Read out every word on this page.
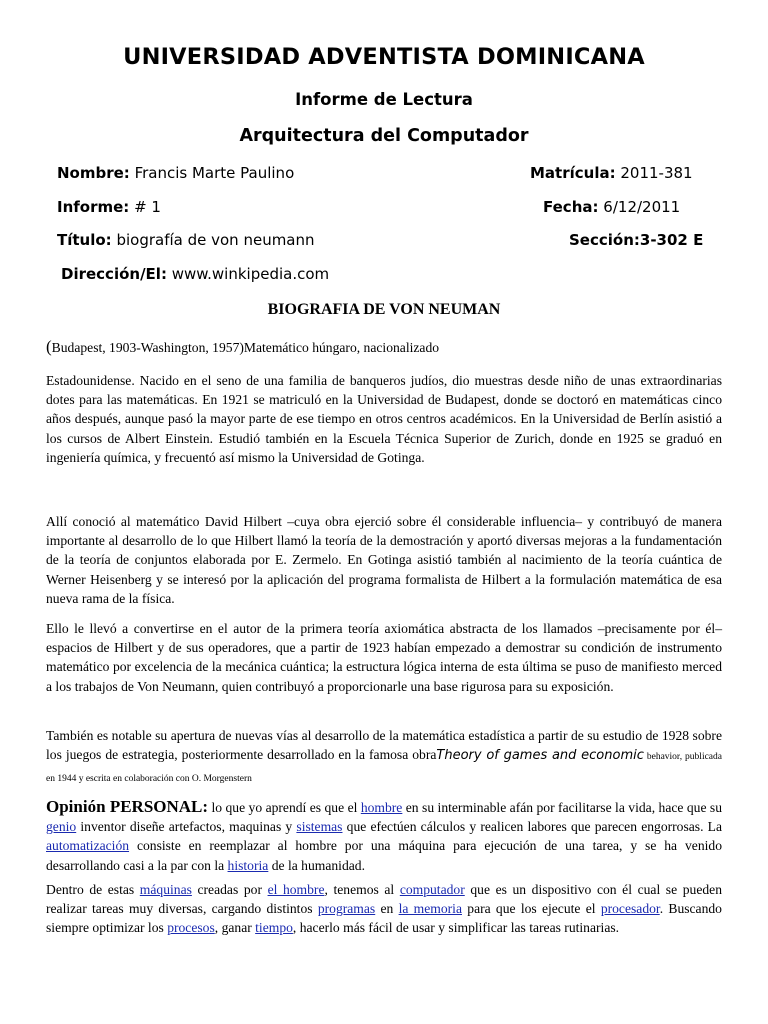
UNIVERSIDAD ADVENTISTA DOMINICANA
Informe de Lectura
Arquitectura del Computador
Nombre: Francis Marte Paulino	Matrícula: 2011-381
Informe: # 1	Fecha: 6/12/2011
Título: biografía de von neumann	Sección:3-302 E
Dirección/El: www.winkipedia.com
BIOGRAFIA DE VON NEUMAN
(Budapest, 1903-Washington, 1957)Matemático húngaro, nacionalizado
Estadounidense. Nacido en el seno de una familia de banqueros judíos, dio muestras desde niño de unas extraordinarias dotes para las matemáticas. En 1921 se matriculó en la Universidad de Budapest, donde se doctoró en matemáticas cinco años después, aunque pasó la mayor parte de ese tiempo en otros centros académicos. En la Universidad de Berlín asistió a los cursos de Albert Einstein. Estudió también en la Escuela Técnica Superior de Zurich, donde en 1925 se graduó en ingeniería química, y frecuentó así mismo la Universidad de Gotinga.
Allí conoció al matemático David Hilbert –cuya obra ejerció sobre él considerable influencia– y contribuyó de manera importante al desarrollo de lo que Hilbert llamó la teoría de la demostración y aportó diversas mejoras a la fundamentación de la teoría de conjuntos elaborada por E. Zermelo. En Gotinga asistió también al nacimiento de la teoría cuántica de Werner Heisenberg y se interesó por la aplicación del programa formalista de Hilbert a la formulación matemática de esa nueva rama de la física.
Ello le llevó a convertirse en el autor de la primera teoría axiomática abstracta de los llamados –precisamente por él– espacios de Hilbert y de sus operadores, que a partir de 1923 habían empezado a demostrar su condición de instrumento matemático por excelencia de la mecánica cuántica; la estructura lógica interna de esta última se puso de manifiesto merced a los trabajos de Von Neumann, quien contribuyó a proporcionarle una base rigurosa para su exposición.
También es notable su apertura de nuevas vías al desarrollo de la matemática estadística a partir de su estudio de 1928 sobre los juegos de estrategia, posteriormente desarrollado en la famosa obraTheory of games and economic behavior, publicada en 1944 y escrita en colaboración con O. Morgenstern
Opinión PERSONAL: lo que yo aprendí es que el hombre en su interminable afán por facilitarse la vida, hace que su genio inventor diseñe artefactos, maquinas y sistemas que efectúen cálculos y realicen labores que parecen engorrosas. La automatización consiste en reemplazar al hombre por una máquina para ejecución de una tarea, y se ha venido desarrollando casi a la par con la historia de la humanidad.
Dentro de estas máquinas creadas por el hombre, tenemos al computador que es un dispositivo con él cual se pueden realizar tareas muy diversas, cargando distintos programas en la memoria para que los ejecute el procesador. Buscando siempre optimizar los procesos, ganar tiempo, hacerlo más fácil de usar y simplificar las tareas rutinarias.
